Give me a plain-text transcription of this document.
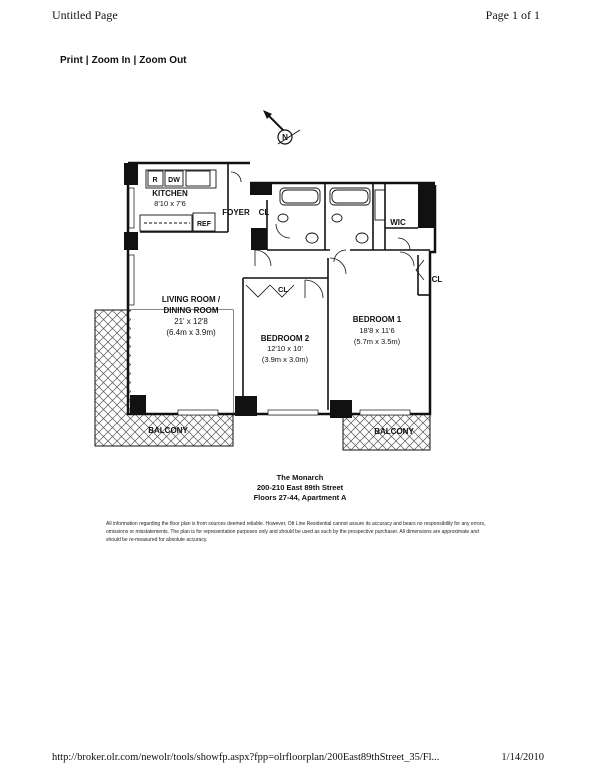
Untitled Page	Page 1 of 1
Print | Zoom In | Zoom Out
N
KITCHEN
8'10 x 7'6
R DW
REF
FOYER CL
WIC
CL
CL
LIVING ROOM /
DINING ROOM
21' x 12'8
(6.4m x 3.9m)
BEDROOM 2
12'10 x 10'
(3.9m x 3.0m)
BEDROOM 1
18'8 x 11'6
(5.7m x 3.5m)
BALCONY	BALCONY
The Monarch
200-210 East 89th Street
Floors 27-44, Apartment A
All information regarding the floor plan is from sources deemed reliable. However, Ott Line Residential cannot assure its accuracy and bears no responsibility for any errors, omissions or misstatements. The plan is for representation purposes only and should be used as such by the prospective purchaser. All dimensions are approximate and should be re-measured for absolute accuracy.
http://broker.olr.com/newolr/tools/showfp.aspx?fpp=olrfloorplan/200East89thStreet_35/Fl...	1/14/2010
